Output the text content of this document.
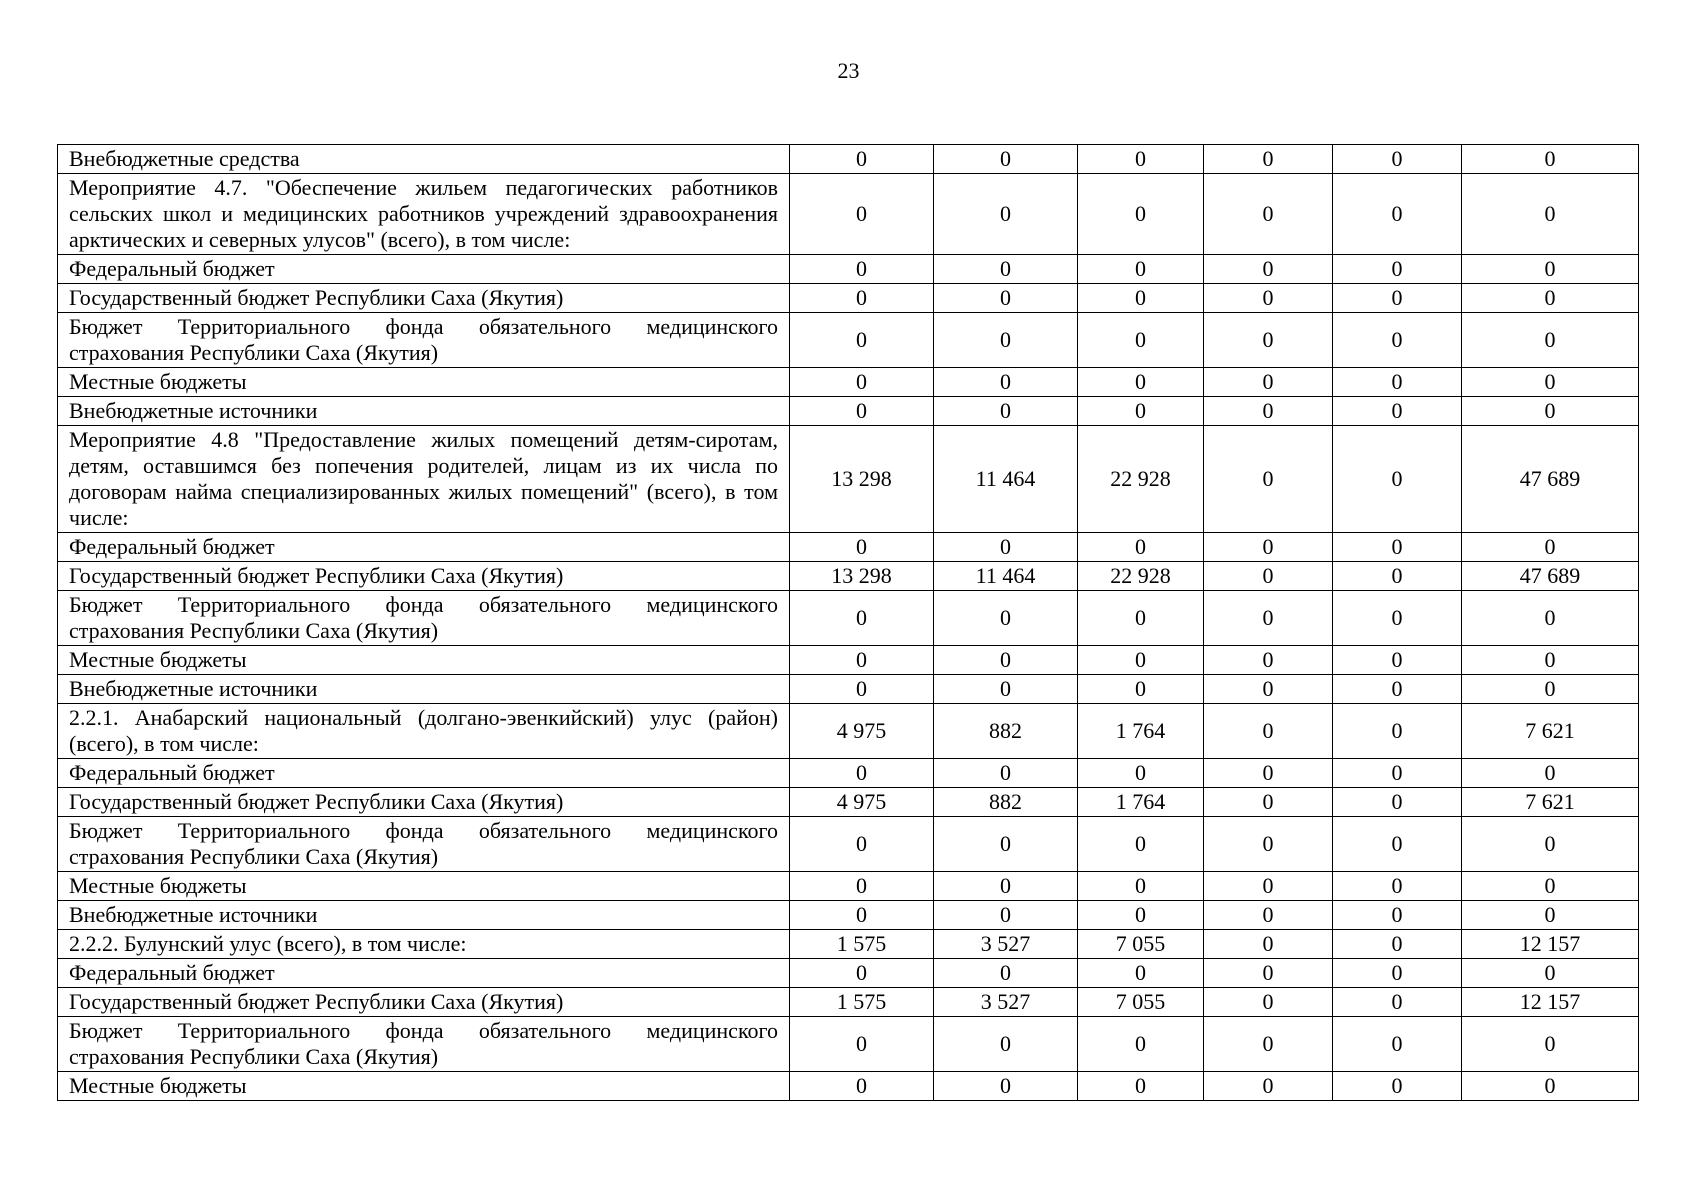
23
Внебюджетные средства	0	0	0	0	0	0
Мероприятие 4.7. "Обеспечение жильем педагогических работников сельских школ и медицинских работников учреждений здравоохранения арктических и северных улусов" (всего), в том числе:	0	0	0	0	0	0
Федеральный бюджет	0	0	0	0	0	0
Государственный бюджет Республики Саха (Якутия)	0	0	0	0	0	0
Бюджет Территориального фонда обязательного медицинского страхования Республики Саха (Якутия)	0	0	0	0	0	0
Местные бюджеты	0	0	0	0	0	0
Внебюджетные источники	0	0	0	0	0	0
Мероприятие 4.8 "Предоставление жилых помещений детям-сиротам, детям, оставшимся без попечения родителей, лицам из их числа по договорам найма специализированных жилых помещений" (всего), в том числе:	13 298	11 464	22 928	0	0	47 689
Федеральный бюджет	0	0	0	0	0	0
Государственный бюджет Республики Саха (Якутия)	13 298	11 464	22 928	0	0	47 689
Бюджет Территориального фонда обязательного медицинского страхования Республики Саха (Якутия)	0	0	0	0	0	0
Местные бюджеты	0	0	0	0	0	0
Внебюджетные источники	0	0	0	0	0	0
2.2.1. Анабарский национальный (долгано-эвенкийский) улус (район) (всего), в том числе:	4 975	882	1 764	0	0	7 621
Федеральный бюджет	0	0	0	0	0	0
Государственный бюджет Республики Саха (Якутия)	4 975	882	1 764	0	0	7 621
Бюджет Территориального фонда обязательного медицинского страхования Республики Саха (Якутия)	0	0	0	0	0	0
Местные бюджеты	0	0	0	0	0	0
Внебюджетные источники	0	0	0	0	0	0
2.2.2. Булунский улус (всего), в том числе:	1 575	3 527	7 055	0	0	12 157
Федеральный бюджет	0	0	0	0	0	0
Государственный бюджет Республики Саха (Якутия)	1 575	3 527	7 055	0	0	12 157
Бюджет Территориального фонда обязательного медицинского страхования Республики Саха (Якутия)	0	0	0	0	0	0
Местные бюджеты	0	0	0	0	0	0
